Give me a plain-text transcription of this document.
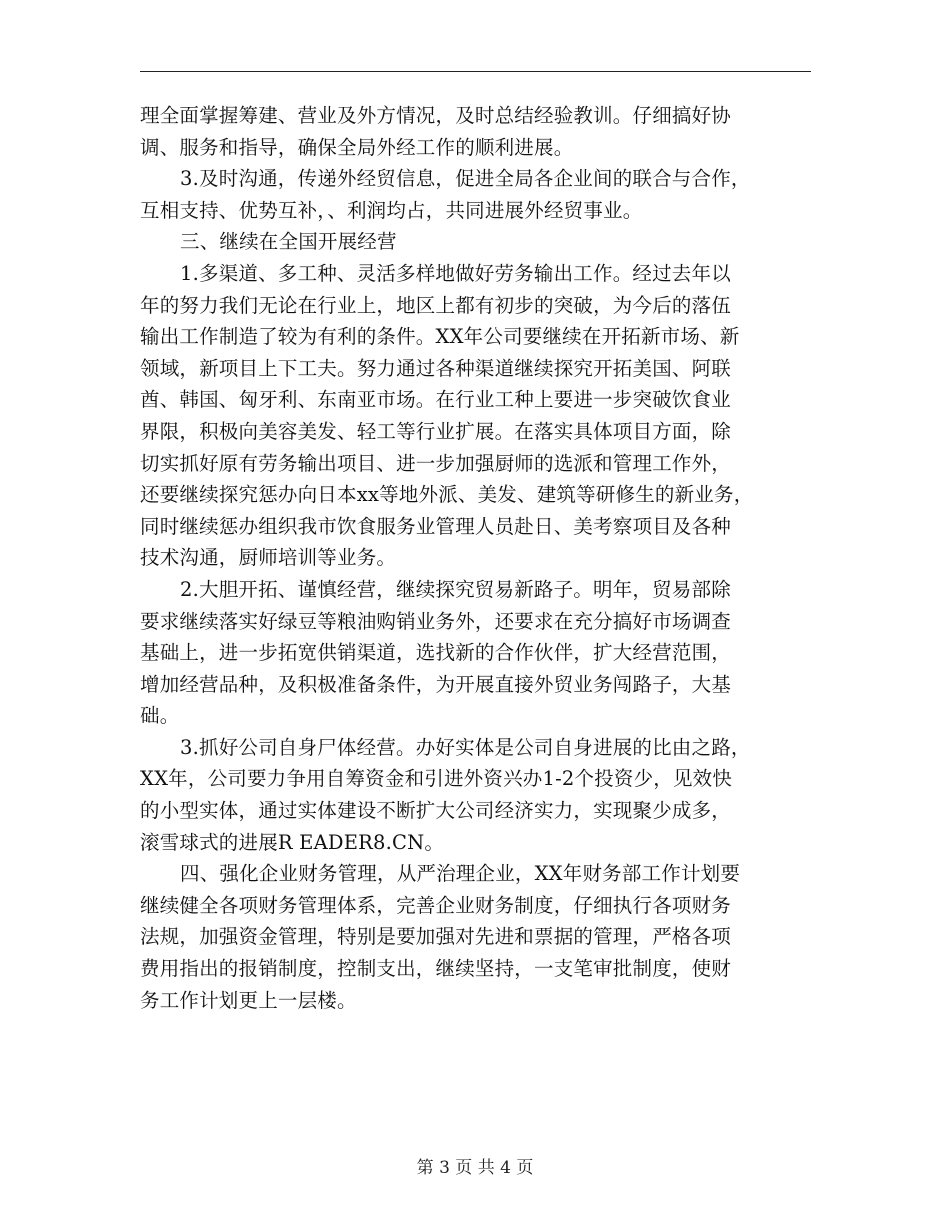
理全面掌握筹建、营业及外方情况，及时总结经验教训。仔细搞好协
调、服务和指导，确保全局外经工作的顺利进展。
3.及时沟通，传递外经贸信息，促进全局各企业间的联合与合作，
互相支持、优势互补，、利润均占，共同进展外经贸事业。
三、继续在全国开展经营
1.多渠道、多工种、灵活多样地做好劳务输出工作。经过去年以
年的努力我们无论在行业上，地区上都有初步的突破，为今后的落伍
输出工作制造了较为有利的条件。XX年公司要继续在开拓新市场、新
领域，新项目上下工夫。努力通过各种渠道继续探究开拓美国、阿联
酋、韩国、匈牙利、东南亚市场。在行业工种上要进一步突破饮食业
界限，积极向美容美发、轻工等行业扩展。在落实具体项目方面，除
切实抓好原有劳务输出项目、进一步加强厨师的选派和管理工作外，
还要继续探究惩办向日本xx等地外派、美发、建筑等研修生的新业务，
同时继续惩办组织我市饮食服务业管理人员赴日、美考察项目及各种
技术沟通，厨师培训等业务。
2.大胆开拓、谨慎经营，继续探究贸易新路子。明年，贸易部除
要求继续落实好绿豆等粮油购销业务外，还要求在充分搞好市场调查
基础上，进一步拓宽供销渠道，选找新的合作伙伴，扩大经营范围，
增加经营品种，及积极准备条件，为开展直接外贸业务闯路子，大基
础。
3.抓好公司自身尸体经营。办好实体是公司自身进展的比由之路，
XX年，公司要力争用自筹资金和引进外资兴办1-2个投资少，见效快
的小型实体，通过实体建设不断扩大公司经济实力，实现聚少成多，
滚雪球式的进展R EADER8.CN。
四、强化企业财务管理，从严治理企业，XX年财务部工作计划要
继续健全各项财务管理体系，完善企业财务制度，仔细执行各项财务
法规，加强资金管理，特别是要加强对先进和票据的管理，严格各项
费用指出的报销制度，控制支出，继续坚持，一支笔审批制度，使财
务工作计划更上一层楼。
第 3 页 共 4 页
